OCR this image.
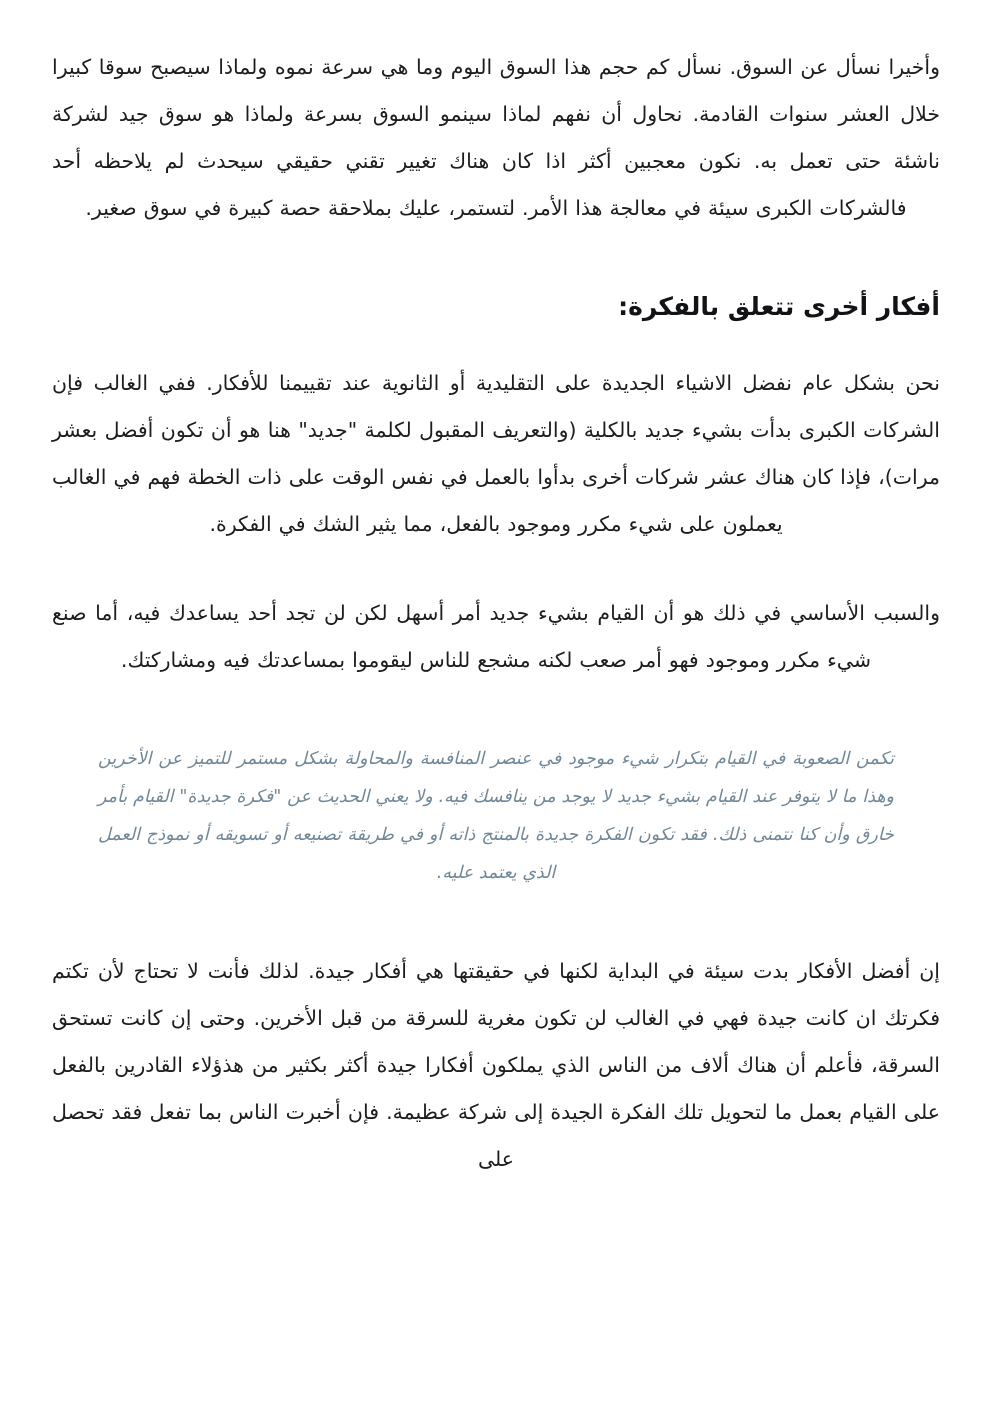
وأخيرا نسأل عن السوق. نسأل كم حجم هذا السوق اليوم وما هي سرعة نموه ولماذا سيصبح سوقا كبيرا خلال العشر سنوات القادمة. نحاول أن نفهم لماذا سينمو السوق بسرعة ولماذا هو سوق جيد لشركة ناشئة حتى تعمل به. نكون معجبين أكثر اذا كان هناك تغيير تقني حقيقي سيحدث لم يلاحظه أحد فالشركات الكبرى سيئة في معالجة هذا الأمر. لتستمر، عليك بملاحقة حصة كبيرة في سوق صغير.

أفكار أخرى تتعلق بالفكرة:

نحن بشكل عام نفضل الاشياء الجديدة على التقليدية أو الثانوية عند تقييمنا للأفكار. ففي الغالب فإن الشركات الكبرى بدأت بشيء جديد بالكلية (والتعريف المقبول لكلمة "جديد" هنا هو أن تكون أفضل بعشر مرات)، فإذا كان هناك عشر شركات أخرى بدأوا بالعمل في نفس الوقت على ذات الخطة فهم في الغالب يعملون على شيء مكرر وموجود بالفعل، مما يثير الشك في الفكرة.

والسبب الأساسي في ذلك هو أن القيام بشيء جديد أمر أسهل لكن لن تجد أحد يساعدك فيه، أما صنع شيء مكرر وموجود فهو أمر صعب لكنه مشجع للناس ليقوموا بمساعدتك فيه ومشاركتك.

تكمن الصعوبة في القيام بتكرار شيء موجود في عنصر المنافسة والمحاولة بشكل مستمر للتميز عن الأخرين وهذا ما لا يتوفر عند القيام بشيء جديد لا يوجد من ينافسك فيه. ولا يعني الحديث عن "فكرة جديدة" القيام بأمر خارق وأن كنا نتمنى ذلك. فقد تكون الفكرة جديدة بالمنتج ذاته أو في طريقة تصنيعه أو تسويقه أو نموذج العمل الذي يعتمد عليه.

إن أفضل الأفكار بدت سيئة في البداية لكنها في حقيقتها هي أفكار جيدة. لذلك فأنت لا تحتاج لأن تكتم فكرتك ان كانت جيدة فهي في الغالب لن تكون مغرية للسرقة من قبل الأخرين. وحتى إن كانت تستحق السرقة، فأعلم أن هناك ألاف من الناس الذي يملكون أفكارا جيدة أكثر بكثير من هذؤلاء القادرين بالفعل على القيام بعمل ما لتحويل تلك الفكرة الجيدة إلى شركة عظيمة. فإن أخبرت الناس بما تفعل فقد تحصل على
